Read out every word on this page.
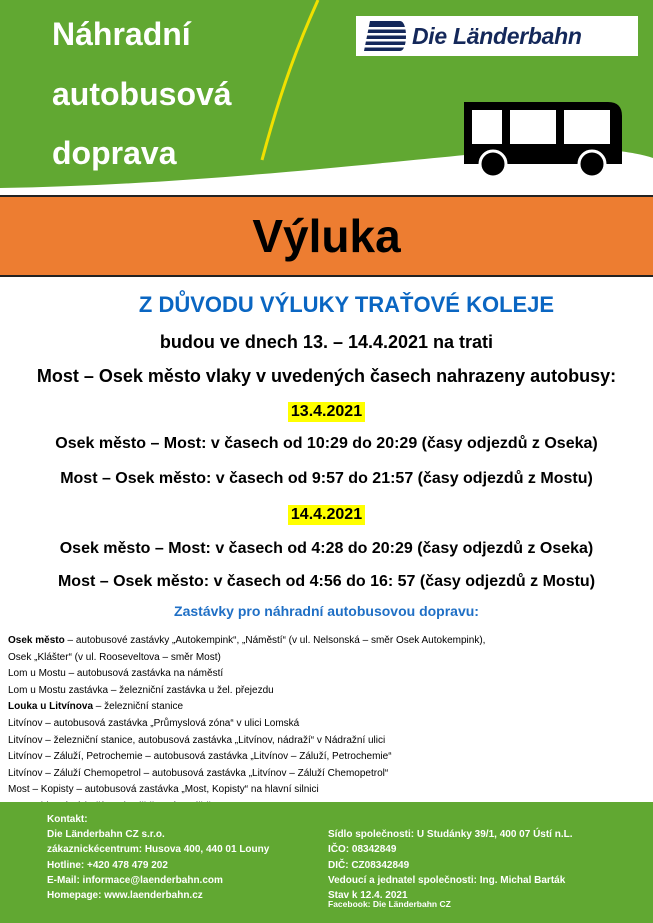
Náhradní
autobusová
doprava
Die Länderbahn
Výluka
Z DŮVODU VÝLUKY TRAŤOVÉ KOLEJE
budou ve dnech 13. – 14.4.2021 na trati
Most – Osek město vlaky v uvedených časech nahrazeny autobusy:
13.4.2021
Osek město – Most: v časech od 10:29 do 20:29 (časy odjezdů z Oseka)
Most – Osek město: v časech od 9:57 do 21:57 (časy odjezdů z Mostu)
14.4.2021
Osek město – Most: v časech od 4:28 do 20:29 (časy odjezdů z Oseka)
Most – Osek město: v časech od 4:56 do 16: 57 (časy odjezdů z Mostu)
Zastávky pro náhradní autobusovou dopravu:
Osek město – autobusové zastávky „Autokempink“, „Náměstí“ (v ul. Nelsonská – směr Osek Autokempink),
Osek „Klášter“ (v ul. Rooseveltova – směr Most)
Lom u Mostu – autobusová zastávka na náměstí
Lom u Mostu zastávka – železniční zastávka u žel. přejezdu
Louka u Litvínova – železniční stanice
Litvínov – autobusová zastávka „Průmyslová zóna“ v ulici Lomská
Litvínov – železniční stanice, autobusová zastávka „Litvínov, nádraží“ v Nádražní ulici
Litvínov – Záluží, Petrochemie – autobusová zastávka „Litvínov – Záluží, Petrochemie“
Litvínov – Záluží Chemopetrol – autobusová zastávka „Litvínov – Záluží Chemopetrol“
Most – Kopisty – autobusová zastávka „Most, Kopisty“ na hlavní silnici
Kontakt:
Die Länderbahn CZ s.r.o.
zákaznickécentrum: Husova 400, 440 01 Louny
Hotline: +420 478 479 202
E-Mail: informace@laenderbahn.com
Homepage: www.laenderbahn.cz

Sídlo společnosti: U Studánky 39/1, 400 07 Ústí n.L.
IČO: 08342849
DIČ: CZ08342849
Vedoucí a jednatel společnosti: Ing. Michal Barták
Stav k 12.4. 2021
Facebook: Die Länderbahn CZ
